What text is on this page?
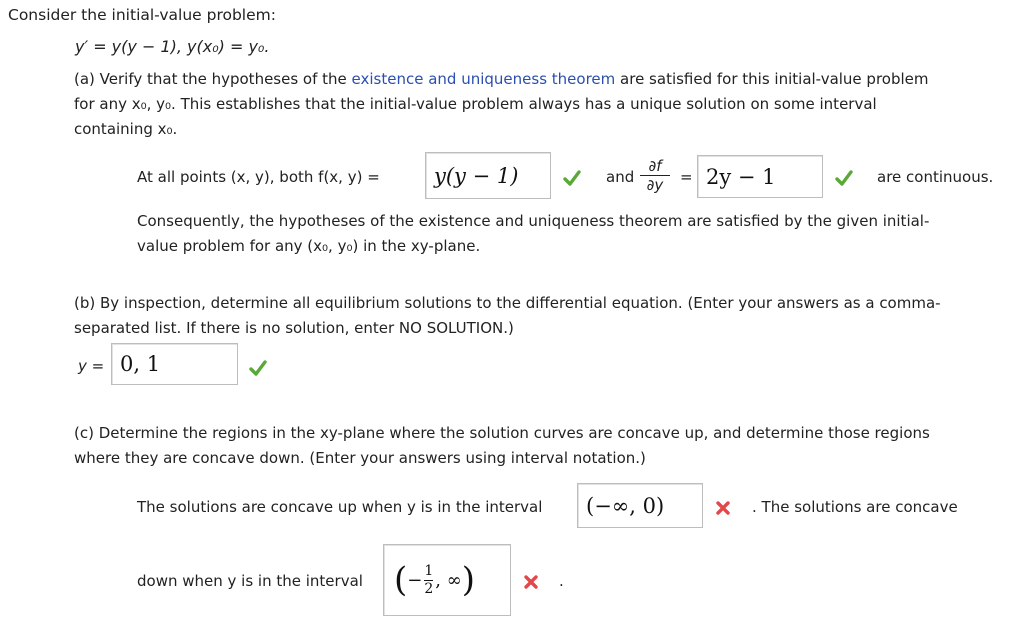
Consider the initial-value problem:
y′ = y(y − 1), y(x₀) = y₀.
(a) Verify that the hypotheses of the existence and uniqueness theorem are satisfied for this initial-value problem
for any x₀, y₀. This establishes that the initial-value problem always has a unique solution on some interval
containing x₀.
At all points (x, y), both f(x, y) =	y(y − 1)	and
∂f
∂y	= 2y − 1	are continuous.
Consequently, the hypotheses of the existence and uniqueness theorem are satisfied by the given initial-
value problem for any (x₀, y₀) in the xy-plane.
(b) By inspection, determine all equilibrium solutions to the differential equation. (Enter your answers as a comma-
separated list. If there is no solution, enter NO SOLUTION.)
y = 0, 1
(c) Determine the regions in the xy-plane where the solution curves are concave up, and determine those regions
where they are concave down. (Enter your answers using interval notation.)
The solutions are concave up when y is in the interval (−∞, 0)	. The solutions are concave
down when y is in the interval ( − $\frac{1}{2}$ , ∞ )	.
